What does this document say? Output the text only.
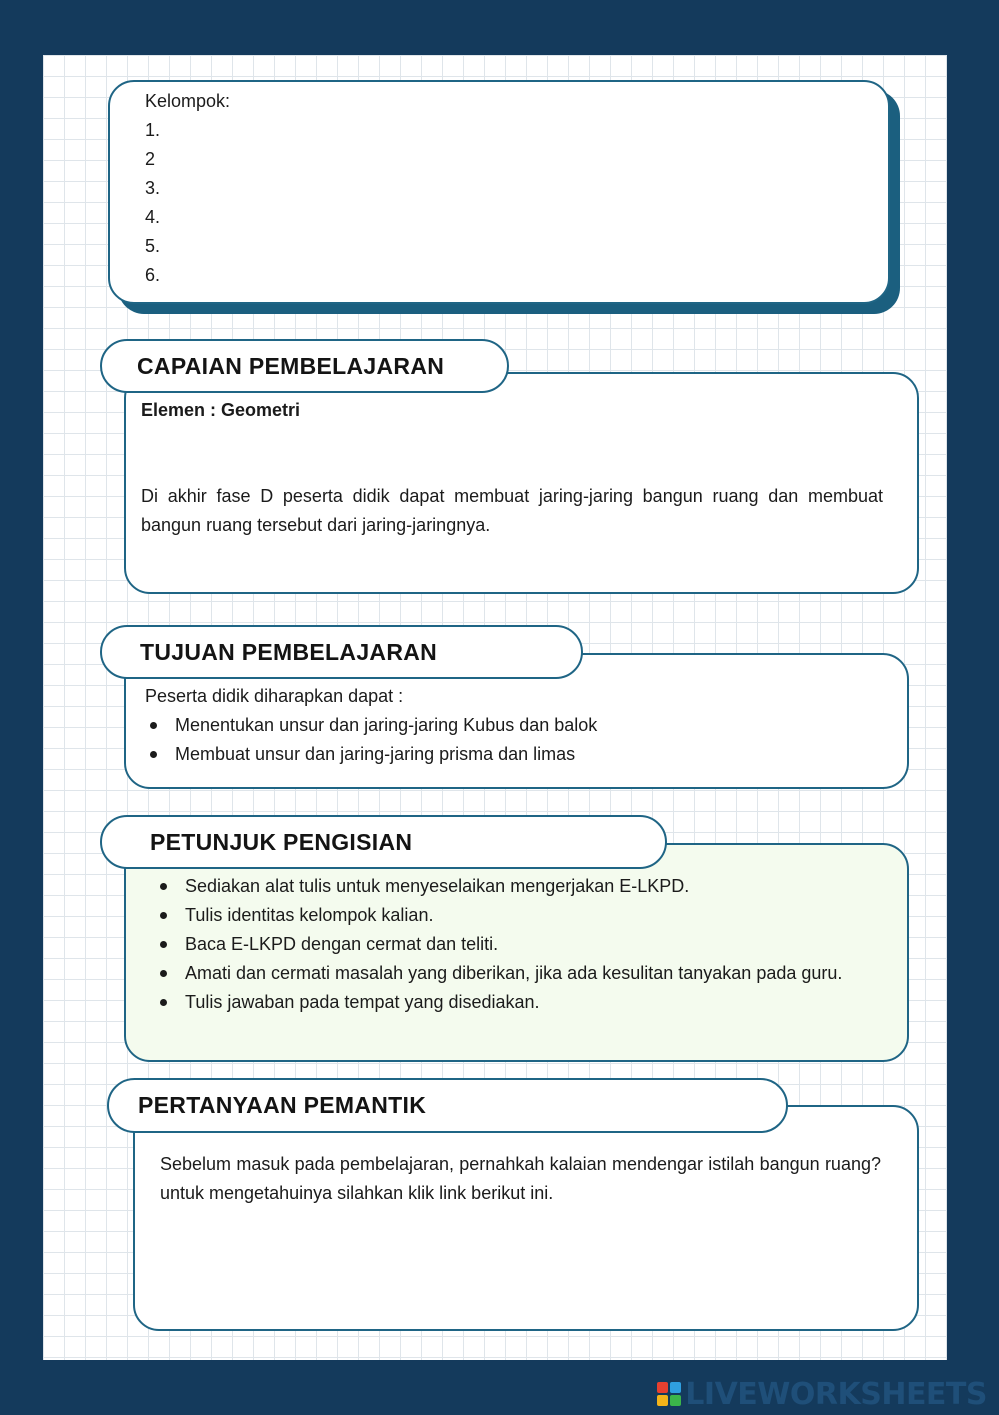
Kelompok:
1.
2
3.
4.
5.
6.
CAPAIAN PEMBELAJARAN
Elemen : Geometri
Di akhir fase D peserta didik dapat membuat jaring-jaring bangun ruang dan membuat bangun ruang tersebut dari jaring-jaringnya.
TUJUAN PEMBELAJARAN
Peserta didik diharapkan dapat :
Menentukan unsur dan jaring-jaring Kubus dan balok
Membuat unsur dan jaring-jaring prisma dan limas
PETUNJUK PENGISIAN
Sediakan alat tulis untuk menyeselaikan mengerjakan E-LKPD.
Tulis identitas kelompok kalian.
Baca E-LKPD dengan cermat dan teliti.
Amati dan cermati masalah yang diberikan, jika ada kesulitan tanyakan pada guru.
Tulis jawaban pada tempat yang disediakan.
PERTANYAAN PEMANTIK
Sebelum masuk pada pembelajaran, pernahkah kalaian mendengar istilah bangun ruang? untuk mengetahuinya silahkan klik link berikut ini.
LIVEWORKSHEETS
